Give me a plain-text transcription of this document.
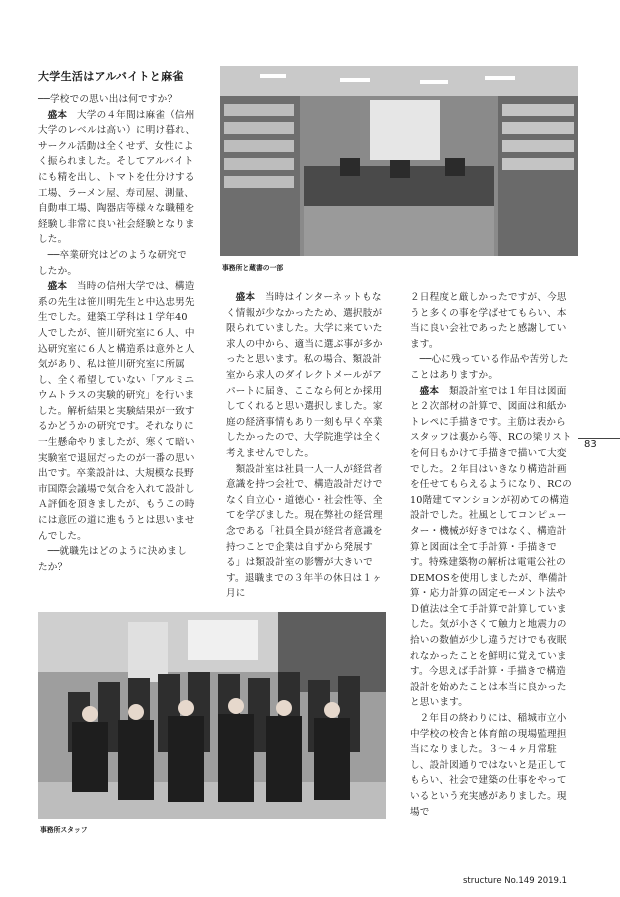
大学生活はアルバイトと麻雀

──学校での思い出は何ですか？

盛本　 大学の４年間は麻雀（信州大学のレベルは高い）に明け暮れ、サークル活動は全くせず、女性によく振られました。そしてアルバイトにも精を出し、トマトを仕分けする工場、ラーメン屋、寿司屋、測量、自動車工場、陶器店等様々な職種を経験し非常に良い社会経験となりました。

──卒業研究はどのような研究でしたか。

盛本　 当時の信州大学では、構造系の先生は笹川明先生と中込忠男先生でした。建築工学科は１学年40人でしたが、笹川研究室に６人、中込研究室に６人と構造系は意外と人気があり、私は笹川研究室に所属し、全く希望していない「アルミニウムトラスの実験的研究」を行いました。解析結果と実験結果が一致するかどうかの研究です。それなりに一生懸命やりましたが、寒くて暗い実験室で退屈だったのが一番の思い出です。卒業設計は、大規模な長野市国際会議場で気合を入れて設計しＡ評価を頂きましたが、もうこの時には意匠の道に進もうとは思いませんでした。

──就職先はどのように決めましたか？

事務所と蔵書の一部

盛本　 当時はインターネットもなく情報が少なかったため、選択肢が限られていました。大学に来ていた求人の中から、適当に選ぶ事が多かったと思います。私の場合、類設計室から求人のダイレクトメールがアパートに届き、ここなら何とか採用してくれると思い選択しました。家庭の経済事情もあり一刻も早く卒業したかったので、大学院進学は全く考えませんでした。

類設計室は社員一人一人が経営者意識を持つ会社で、構造設計だけでなく自立心・道徳心・社会性等、全てを学びました。現在弊社の経営理念である「社員全員が経営者意識を持つことで企業は自ずから発展する」は類設計室の影響が大きいです。退職までの３年半の休日は１ヶ月に

２日程度と厳しかったですが、今思うと多くの事を学ばせてもらい、本当に良い会社であったと感謝しています。

──心に残っている作品や苦労したことはありますか。

盛本　 類設計室では１年目は図面と２次部材の計算で、図面は和紙かトレペに手描きです。主筋は表からスタッフは裏から等、RCの梁リストを何日もかけて手描きで描いて大変でした。２年目はいきなり構造計画を任せてもらえるようになり、RCの10階建てマンションが初めての構造設計でした。社風としてコンピューター・機械が好きではなく、構造計算と図面は全て手計算・手描きです。特殊建築物の解析は電電公社のDEMOSを使用しましたが、準備計算・応力計算の固定モーメント法やＤ値法は全て手計算で計算していました。気が小さくて触力と地震力の拾いの数値が少し違うだけでも夜眠れなかったことを鮮明に覚えています。今思えば手計算・手描きで構造設計を始めたことは本当に良かったと思います。

２年目の終わりには、稲城市立小中学校の校舎と体育館の現場監理担当になりました。３〜４ヶ月常駐し、設計図通りではないと是正してもらい、社会で建築の仕事をやっているという充実感がありました。現場で

事務所スタッフ
83
structure No.149 2019.1
